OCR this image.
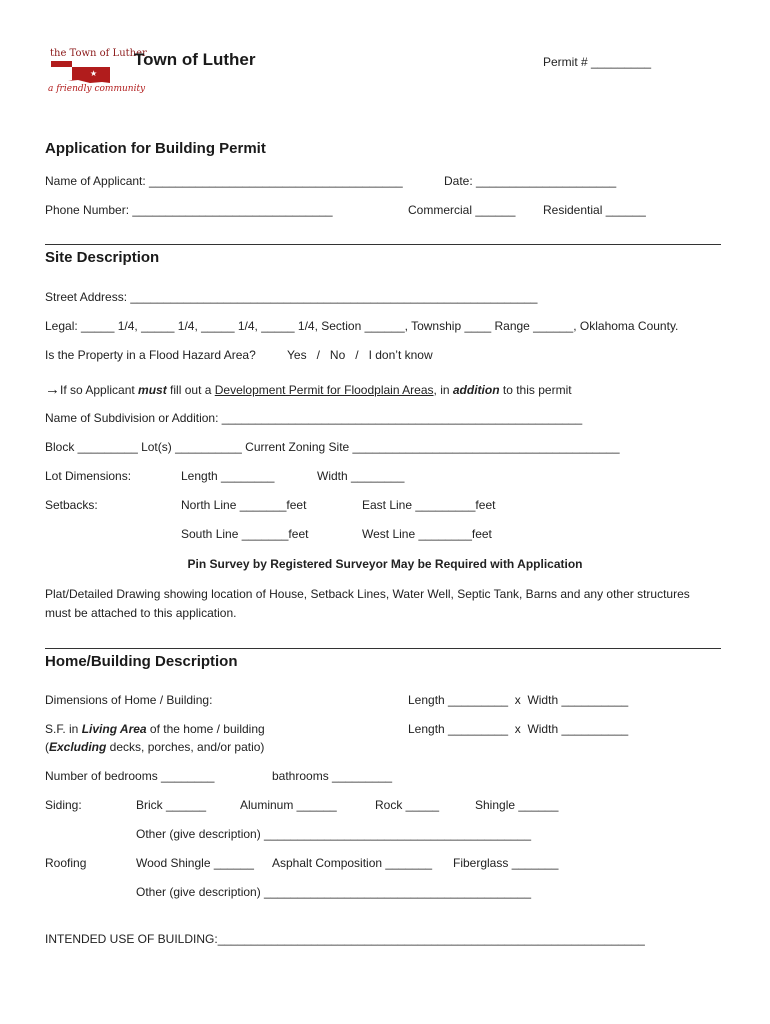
the Town of Luther
★
a friendly community
Town of Luther	Permit # _________
Application for Building Permit
Name of Applicant: ______________________________________	Date: _____________________
Phone Number: ______________________________	Commercial ______ Residential ______
Site Description
Street Address: _____________________________________________________________
Legal: _____ 1/4, _____ 1/4, _____ 1/4, _____ 1/4, Section ______, Township ____ Range ______, Oklahoma County.
Is the Property in a Flood Hazard Area?	Yes   /   No   /   I don’t know
→If so Applicant must fill out a Development Permit for Floodplain Areas, in addition to this permit
Name of Subdivision or Addition: ______________________________________________________
Block _________ Lot(s) __________ Current Zoning Site ________________________________________
Lot Dimensions:	Length ________	Width ________
Setbacks:	North Line _______feet	East Line _________feet
South Line _______feet	West Line ________feet
Pin Survey by Registered Surveyor May be Required with Application
Plat/Detailed Drawing showing location of House, Setback Lines, Water Well, Septic Tank, Barns and any other structures
must be attached to this application.
Home/Building Description
Dimensions of Home / Building:	Length _________  x  Width __________
S.F. in Living Area of the home / building
(Excluding decks, porches, and/or patio)
Length _________  x  Width __________
Number of bedrooms ________	bathrooms _________
Siding:	Brick ______	Aluminum ______	Rock _____	Shingle ______
Other (give description) ________________________________________
Roofing	Wood Shingle ______ Asphalt Composition _______ Fiberglass _______
Other (give description) ________________________________________
INTENDED USE OF BUILDING:________________________________________________________________
